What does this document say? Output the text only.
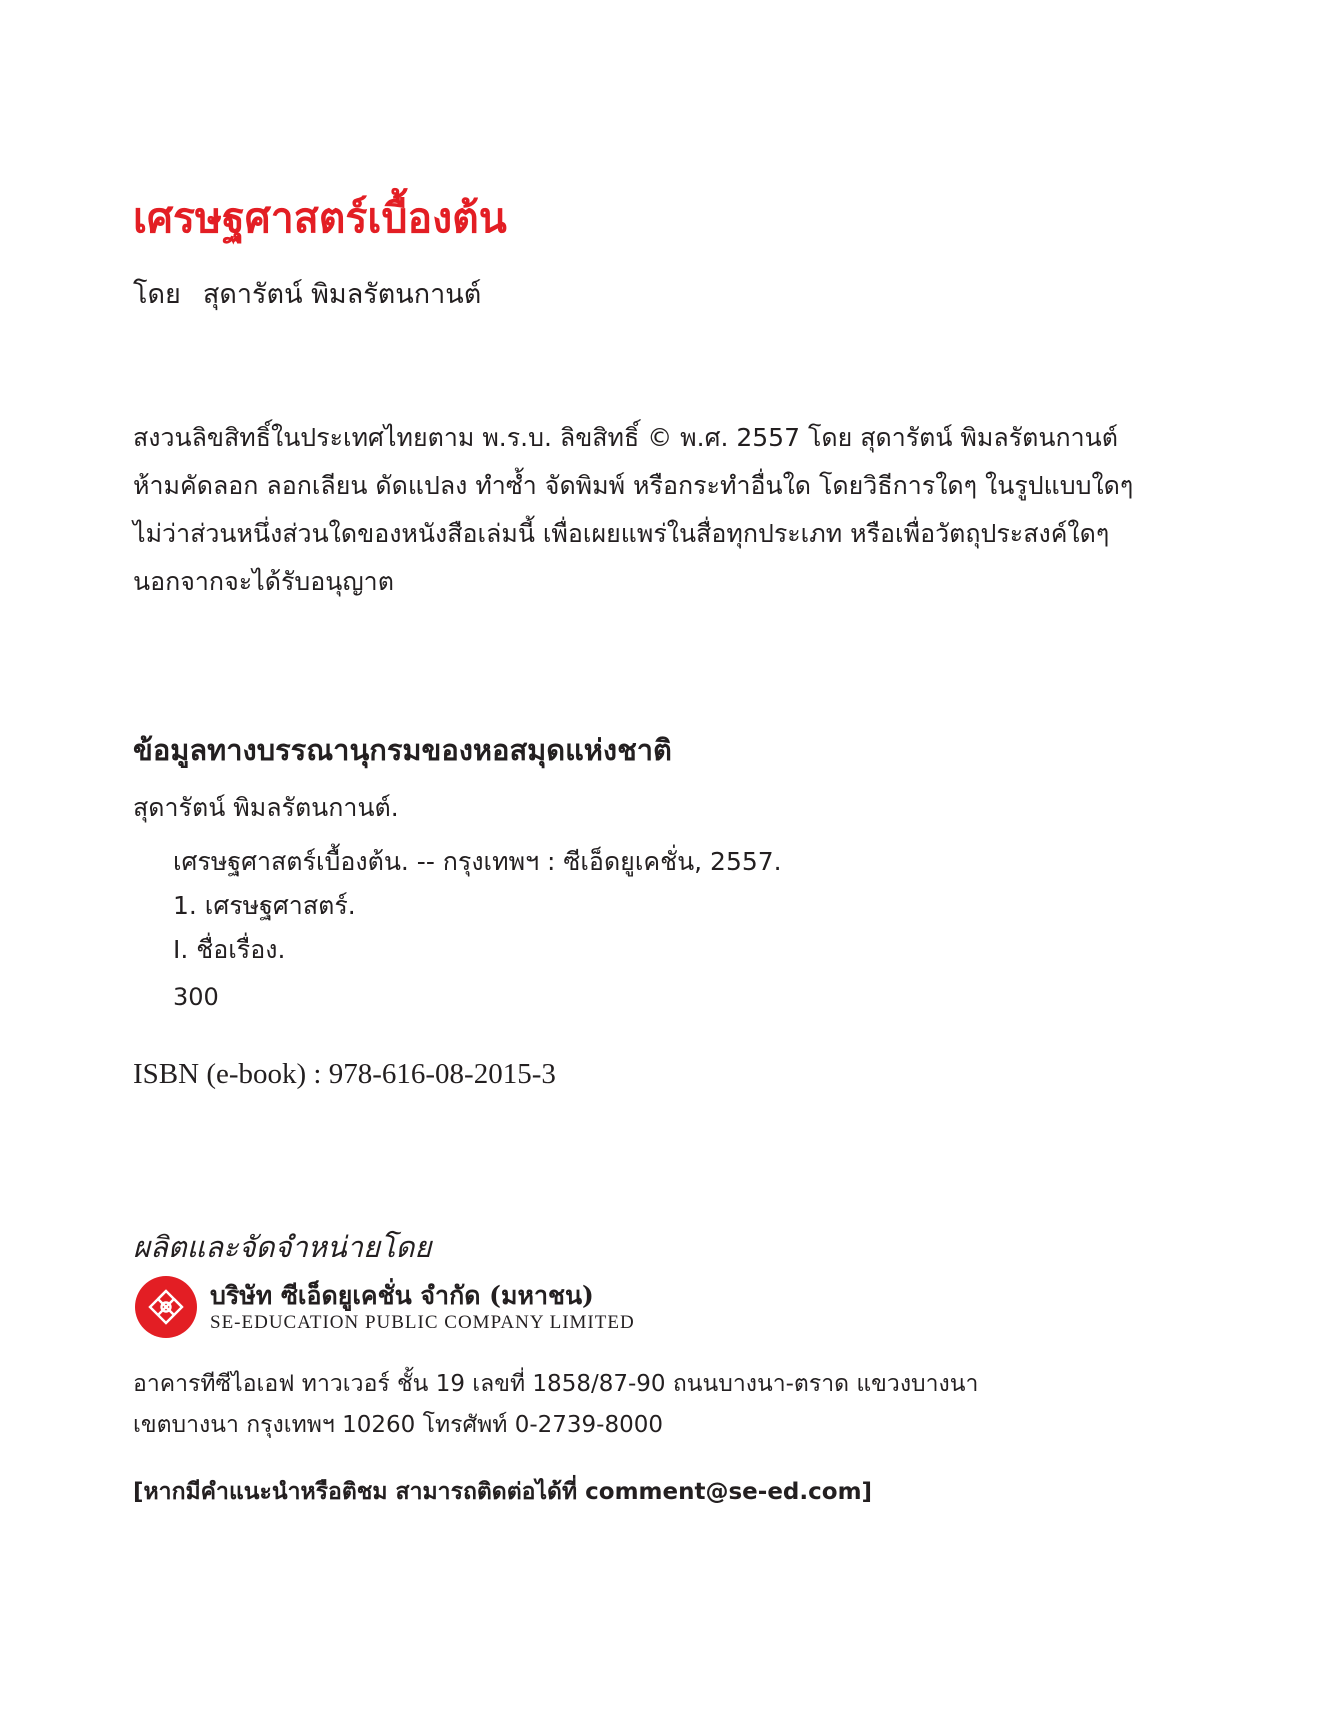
เศรษฐศาสตร์เบื้องต้น
โดย สุดารัตน์ พิมลรัตนกานต์
สงวนลิขสิทธิ์ในประเทศไทยตาม พ.ร.บ. ลิขสิทธิ์ © พ.ศ. 2557 โดย สุดารัตน์ พิมลรัตนกานต์
ห้ามคัดลอก ลอกเลียน ดัดแปลง ทำซ้ำ จัดพิมพ์ หรือกระทำอื่นใด โดยวิธีการใดๆ ในรูปแบบใดๆ
ไม่ว่าส่วนหนึ่งส่วนใดของหนังสือเล่มนี้ เพื่อเผยแพร่ในสื่อทุกประเภท หรือเพื่อวัตถุประสงค์ใดๆ
นอกจากจะได้รับอนุญาต
ข้อมูลทางบรรณานุกรมของหอสมุดแห่งชาติ
สุดารัตน์ พิมลรัตนกานต์.
เศรษฐศาสตร์เบื้องต้น. -- กรุงเทพฯ : ซีเอ็ดยูเคชั่น, 2557.
1. เศรษฐศาสตร์.
I. ชื่อเรื่อง.
300
ISBN (e-book) : 978-616-08-2015-3
ผลิตและจัดจำหน่ายโดย
บริษัท ซีเอ็ดยูเคชั่น จำกัด (มหาชน)
SE-EDUCATION PUBLIC COMPANY LIMITED
อาคารทีซีไอเอฟ ทาวเวอร์ ชั้น 19 เลขที่ 1858/87-90 ถนนบางนา-ตราด แขวงบางนา
เขตบางนา กรุงเทพฯ 10260 โทรศัพท์ 0-2739-8000
[หากมีคำแนะนำหรือติชม สามารถติดต่อได้ที่ comment@se-ed.com]
